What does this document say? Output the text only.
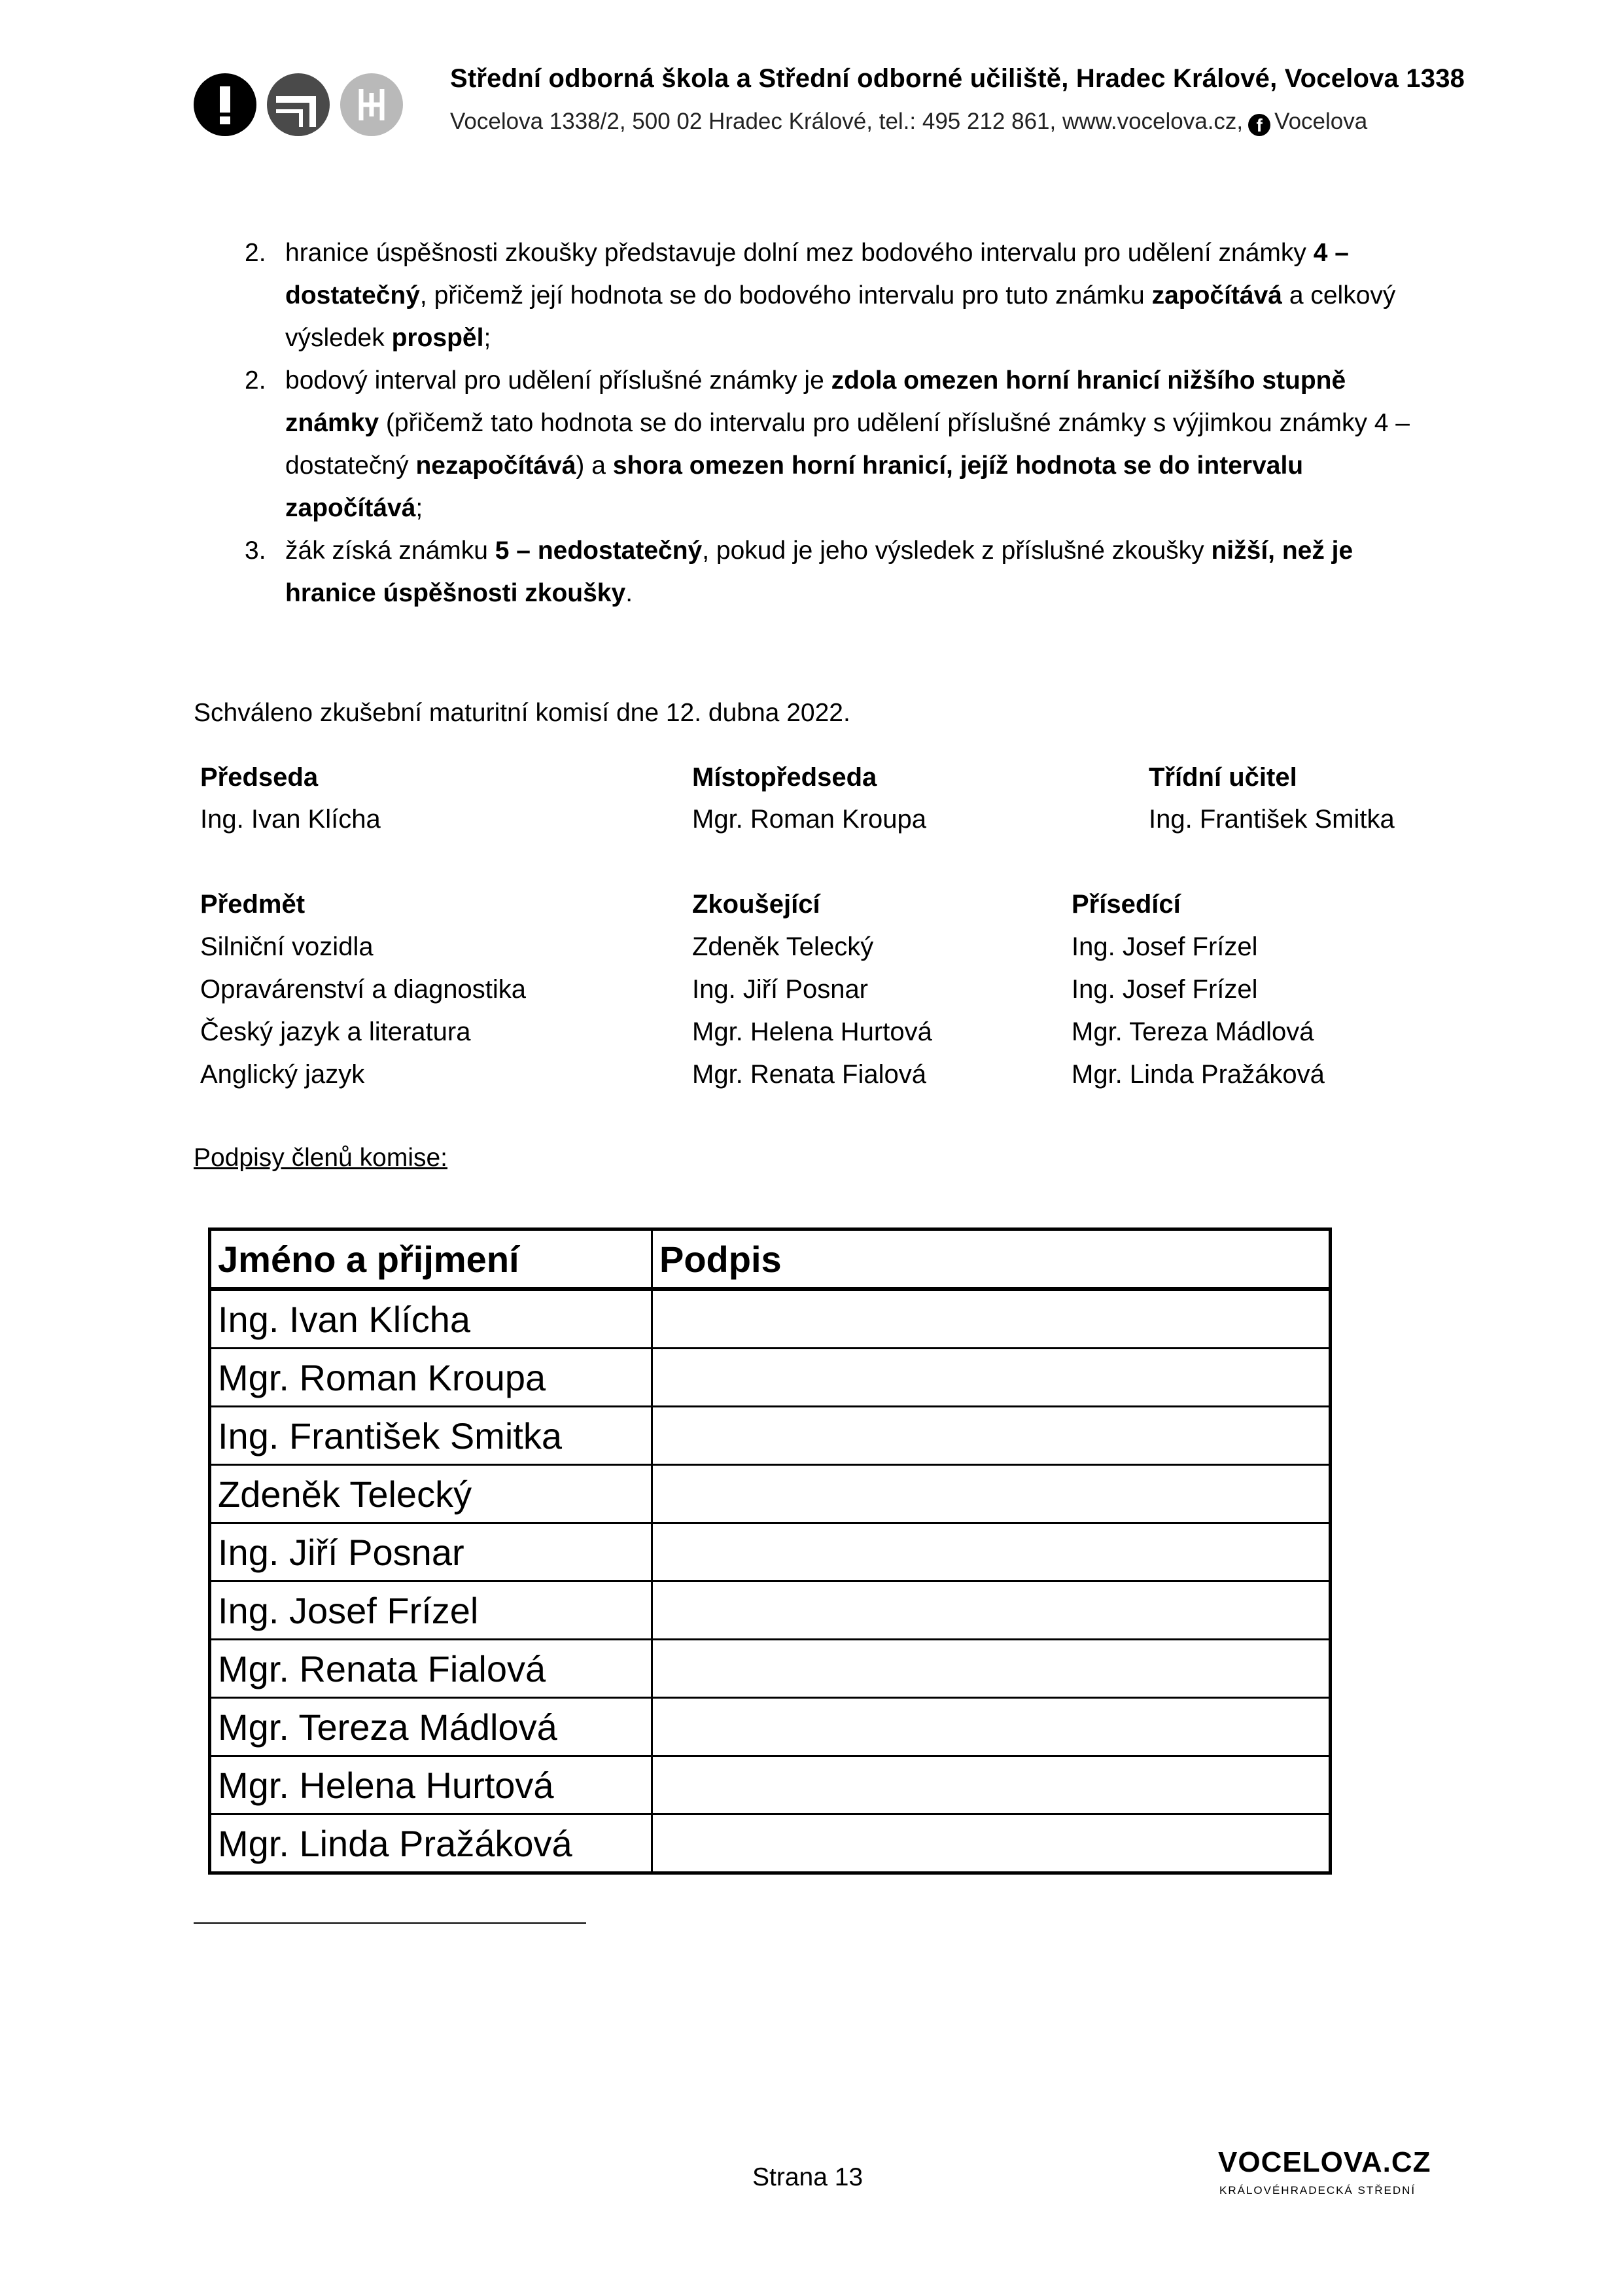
Střední odborná škola a Střední odborné učiliště, Hradec Králové, Vocelova 1338
Vocelova 1338/2, 500 02 Hradec Králové, tel.: 495 212 861, www.vocelova.cz, f Vocelova
2. hranice úspěšnosti zkoušky představuje dolní mez bodového intervalu pro udělení známky 4 – dostatečný, přičemž její hodnota se do bodového intervalu pro tuto známku započítává a celkový výsledek prospěl;
2. bodový interval pro udělení příslušné známky je zdola omezen horní hranicí nižšího stupně známky (přičemž tato hodnota se do intervalu pro udělení příslušné známky s výjimkou známky 4 – dostatečný nezapočítává) a shora omezen horní hranicí, jejíž hodnota se do intervalu započítává;
3. žák získá známku 5 – nedostatečný, pokud je jeho výsledek z příslušné zkoušky nižší, než je hranice úspěšnosti zkoušky.
Schváleno zkušební maturitní komisí dne 12. dubna 2022.
Předseda
Ing. Ivan Klícha
Místopředseda
Mgr. Roman Kroupa
Třídní učitel
Ing. František Smitka
Předmět	Zkoušející	Přísedící
Silniční vozidla	Zdeněk Telecký	Ing. Josef Frízel
Opravárenství a diagnostika	Ing. Jiří Posnar	Ing. Josef Frízel
Český jazyk a literatura	Mgr. Helena Hurtová	Mgr. Tereza Mádlová
Anglický jazyk	Mgr. Renata Fialová	Mgr. Linda Pražáková
Podpisy členů komise:
Jméno a přijmení	Podpis
Ing. Ivan Klícha	
Mgr. Roman Kroupa	
Ing. František Smitka	
Zdeněk Telecký	
Ing. Jiří Posnar	
Ing. Josef Frízel	
Mgr. Renata Fialová	
Mgr. Tereza Mádlová	
Mgr. Helena Hurtová	
Mgr. Linda Pražáková	
Strana 13	VOCELOVA.CZ
KRÁLOVÉHRADECKÁ STŘEDNÍ
